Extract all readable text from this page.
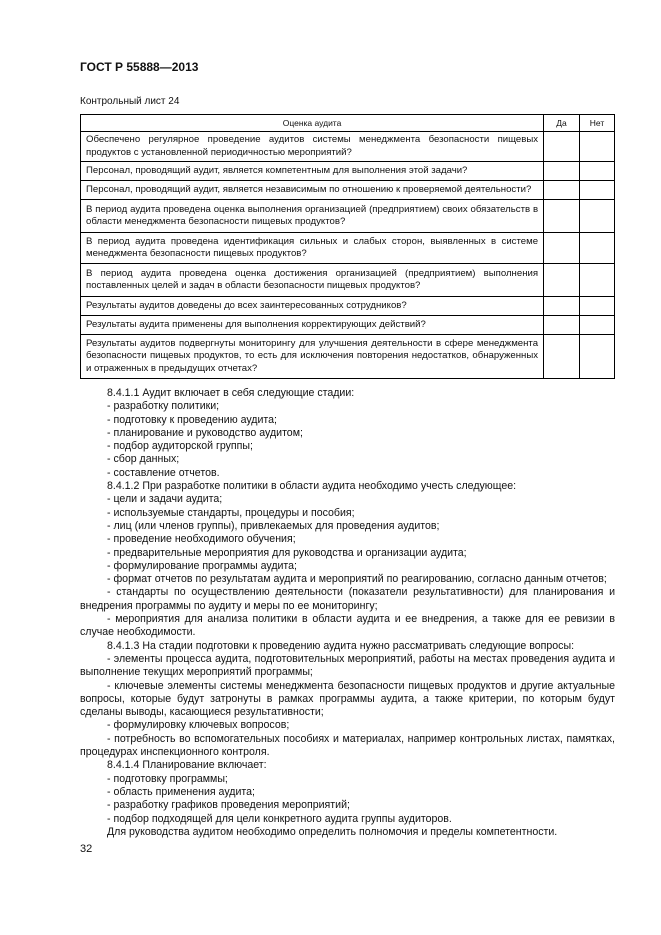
ГОСТ Р 55888—2013
Контрольный лист 24
Оценка аудита	Да	Нет
Обеспечено регулярное проведение аудитов системы менеджмента безопасности пищевых продуктов с установленной периодичностью мероприятий?		
Персонал, проводящий аудит, является компетентным для выполнения этой задачи?		
Персонал, проводящий аудит, является независимым по отношению к проверяемой деятельности?		
В период аудита проведена оценка выполнения организацией (предприятием) своих обязательств в области менеджмента безопасности пищевых продуктов?		
В период аудита проведена идентификация сильных и слабых сторон, выявленных в системе менеджмента безопасности пищевых продуктов?		
В период аудита проведена оценка достижения организацией (предприятием) выполнения поставленных целей и задач в области безопасности пищевых продуктов?		
Результаты аудитов доведены до всех заинтересованных сотрудников?		
Результаты аудита применены для выполнения корректирующих действий?		
Результаты аудитов подвергнуты мониторингу для улучшения деятельности в сфере менеджмента безопасности пищевых продуктов, то есть для исключения повторения недостатков, обнаруженных и отраженных в предыдущих отчетах?		

8.4.1.1 Аудит включает в себя следующие стадии:

- разработку политики;

- подготовку к проведению аудита;

- планирование и руководство аудитом;

- подбор аудиторской группы;

- сбор данных;

- составление отчетов.

8.4.1.2 При разработке политики в области аудита необходимо учесть следующее:

- цели и задачи аудита;

- используемые стандарты, процедуры и пособия;

- лиц (или членов группы), привлекаемых для проведения аудитов;

- проведение необходимого обучения;

- предварительные мероприятия для руководства и организации аудита;

- формулирование программы аудита;

- формат отчетов по результатам аудита и мероприятий по реагированию, согласно данным отчетов;

- стандарты по осуществлению деятельности (показатели результативности) для планирования и внедрения программы по аудиту и меры по ее мониторингу;

- мероприятия для анализа политики в области аудита и ее внедрения, а также для ее ревизии в случае необходимости.

8.4.1.3 На стадии подготовки к проведению аудита нужно рассматривать следующие вопросы:

- элементы процесса аудита, подготовительных мероприятий, работы на местах проведения аудита и выполнение текущих мероприятий программы;

- ключевые элементы системы менеджмента безопасности пищевых продуктов и другие актуальные вопросы, которые будут затронуты в рамках программы аудита, а также критерии, по которым будут сделаны выводы, касающиеся результативности;

- формулировку ключевых вопросов;

- потребность во вспомогательных пособиях и материалах, например контрольных листах, памятках, процедурах инспекционного контроля.

8.4.1.4 Планирование включает:

- подготовку программы;

- область применения аудита;

- разработку графиков проведения мероприятий;

- подбор подходящей для цели конкретного аудита группы аудиторов.

Для руководства аудитом необходимо определить полномочия и пределы компетентности.

32
